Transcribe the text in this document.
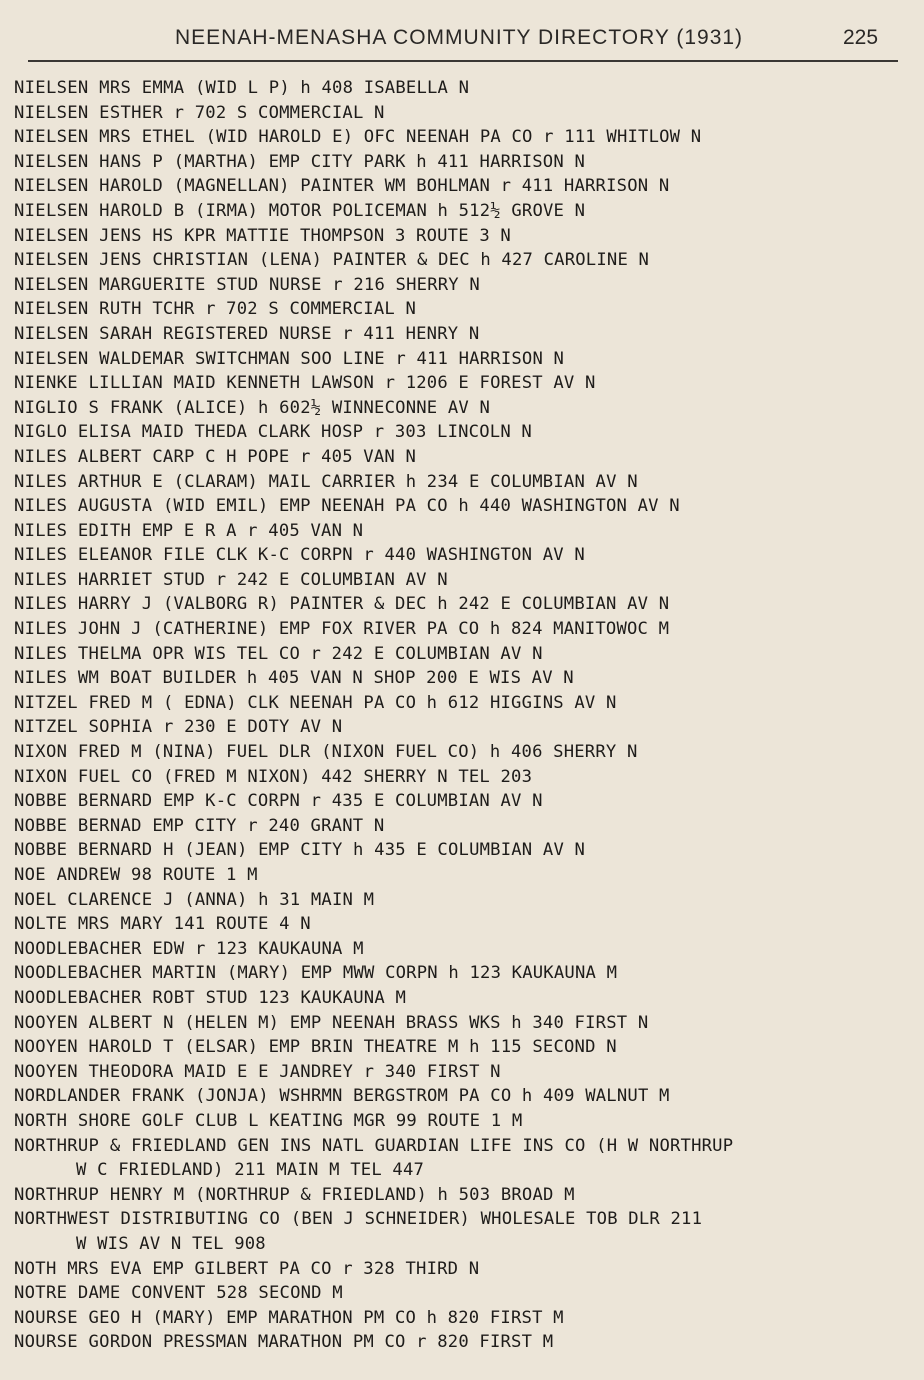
NEENAH-MENASHA COMMUNITY DIRECTORY (1931)	225
NIELSEN MRS EMMA (WID L P) h 408 ISABELLA N
NIELSEN ESTHER r 702 S COMMERCIAL N
NIELSEN MRS ETHEL (WID HAROLD E) OFC NEENAH PA CO r 111 WHITLOW N
NIELSEN HANS P (MARTHA) EMP CITY PARK h 411 HARRISON N
NIELSEN HAROLD (MAGNELLAN) PAINTER WM BOHLMAN r 411 HARRISON N
NIELSEN HAROLD B (IRMA) MOTOR POLICEMAN h 512½ GROVE N
NIELSEN JENS HS KPR MATTIE THOMPSON 3 ROUTE 3 N
NIELSEN JENS CHRISTIAN (LENA) PAINTER & DEC h 427 CAROLINE N
NIELSEN MARGUERITE STUD NURSE r 216 SHERRY N
NIELSEN RUTH TCHR r 702 S COMMERCIAL N
NIELSEN SARAH REGISTERED NURSE r 411 HENRY N
NIELSEN WALDEMAR SWITCHMAN SOO LINE r 411 HARRISON N
NIENKE LILLIAN MAID KENNETH LAWSON r 1206 E FOREST AV N
NIGLIO S FRANK (ALICE) h 602½ WINNECONNE AV N
NIGLO ELISA MAID THEDA CLARK HOSP r 303 LINCOLN N
NILES ALBERT CARP C H POPE r 405 VAN N
NILES ARTHUR E (CLARAM) MAIL CARRIER h 234 E COLUMBIAN AV N
NILES AUGUSTA (WID EMIL) EMP NEENAH PA CO h 440 WASHINGTON AV N
NILES EDITH EMP E R A r 405 VAN N
NILES ELEANOR FILE CLK K-C CORPN r 440 WASHINGTON AV N
NILES HARRIET STUD r 242 E COLUMBIAN AV N
NILES HARRY J (VALBORG R) PAINTER & DEC h 242 E COLUMBIAN AV N
NILES JOHN J (CATHERINE) EMP FOX RIVER PA CO h 824 MANITOWOC M
NILES THELMA OPR WIS TEL CO r 242 E COLUMBIAN AV N
NILES WM BOAT BUILDER h 405 VAN N SHOP 200 E WIS AV N
NITZEL FRED M ( EDNA) CLK NEENAH PA CO h 612 HIGGINS AV N
NITZEL SOPHIA r 230 E DOTY AV N
NIXON FRED M (NINA) FUEL DLR (NIXON FUEL CO) h 406 SHERRY N
NIXON FUEL CO (FRED M NIXON) 442 SHERRY N TEL 203
NOBBE BERNARD EMP K-C CORPN r 435 E COLUMBIAN AV N
NOBBE BERNAD EMP CITY r 240 GRANT N
NOBBE BERNARD H (JEAN) EMP CITY h 435 E COLUMBIAN AV N
NOE ANDREW 98 ROUTE 1 M
NOEL CLARENCE J (ANNA) h 31 MAIN M
NOLTE MRS MARY 141 ROUTE 4 N
NOODLEBACHER EDW r 123 KAUKAUNA M
NOODLEBACHER MARTIN (MARY) EMP MWW CORPN h 123 KAUKAUNA M
NOODLEBACHER ROBT STUD 123 KAUKAUNA M
NOOYEN ALBERT N (HELEN M) EMP NEENAH BRASS WKS h 340 FIRST N
NOOYEN HAROLD T (ELSAR) EMP BRIN THEATRE M h 115 SECOND N
NOOYEN THEODORA MAID E E JANDREY r 340 FIRST N
NORDLANDER FRANK (JONJA) WSHRMN BERGSTROM PA CO h 409 WALNUT M
NORTH SHORE GOLF CLUB L KEATING MGR 99 ROUTE 1 M
NORTHRUP & FRIEDLAND GEN INS NATL GUARDIAN LIFE INS CO (H W NORTHRUP
W C FRIEDLAND) 211 MAIN M TEL 447
NORTHRUP HENRY M (NORTHRUP & FRIEDLAND) h 503 BROAD M
NORTHWEST DISTRIBUTING CO (BEN J SCHNEIDER) WHOLESALE TOB DLR 211
W WIS AV N TEL 908
NOTH MRS EVA EMP GILBERT PA CO r 328 THIRD N
NOTRE DAME CONVENT 528 SECOND M
NOURSE GEO H (MARY) EMP MARATHON PM CO h 820 FIRST M
NOURSE GORDON PRESSMAN MARATHON PM CO r 820 FIRST M
